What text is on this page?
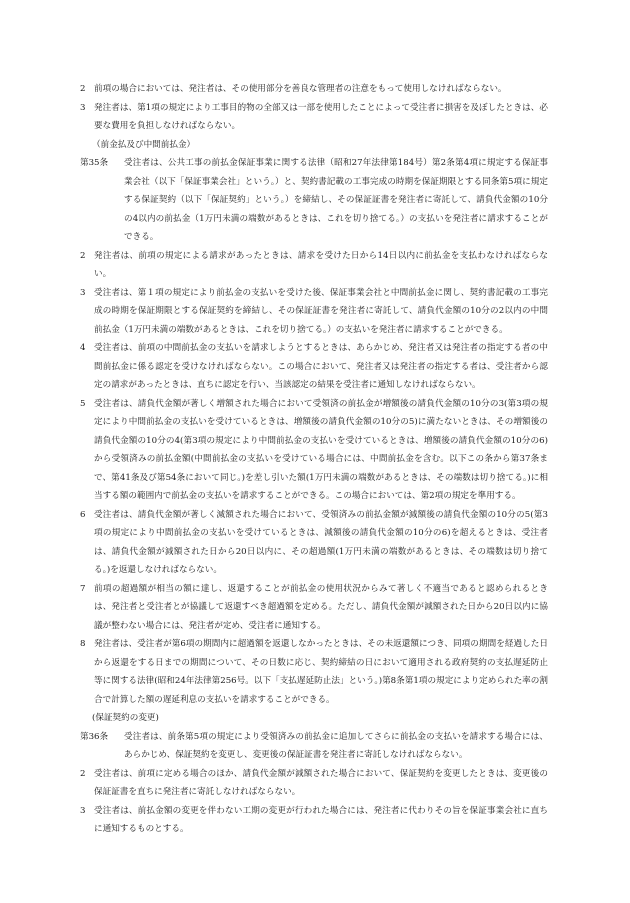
2 前項の場合においては、発注者は、その使用部分を善良な管理者の注意をもって使用しなければならない。
3 発注者は、第1項の規定により工事目的物の全部又は一部を使用したことによって受注者に損害を及ぼしたときは、必要な費用を負担しなければならない。

（前金払及び中間前払金）

第35条	受注者は、公共工事の前払金保証事業に関する法律（昭和27年法律第184号）第2条第4項に規定する保証事業会社（以下「保証事業会社」という。）と、契約書記載の工事完成の時期を保証期限とする同条第5項に規定する保証契約（以下「保証契約」という。）を締結し、その保証証書を発注者に寄託して、請負代金額の10分の4以内の前払金（1万円未満の端数があるときは、これを切り捨てる。）の支払いを発注者に請求することができる。
2 発注者は、前項の規定による請求があったときは、請求を受けた日から14日以内に前払金を支払わなければならない。
3 受注者は、第１項の規定により前払金の支払いを受けた後、保証事業会社と中間前払金に関し、契約書記載の工事完成の時期を保証期限とする保証契約を締結し、その保証証書を発注者に寄託して、請負代金額の10分の2以内の中間前払金（1万円未満の端数があるときは、これを切り捨てる。）の支払いを発注者に請求することができる。
4 受注者は、前項の中間前払金の支払いを請求しようとするときは、あらかじめ、発注者又は発注者の指定する者の中間前払金に係る認定を受けなければならない。この場合において、発注者又は発注者の指定する者は、受注者から認定の請求があったときは、直ちに認定を行い、当該認定の結果を受注者に通知しなければならない。
5 受注者は、請負代金額が著しく増額された場合において受領済の前払金が増額後の請負代金額の10分の3(第3項の規定により中間前払金の支払いを受けているときは、増額後の請負代金額の10分の5)に満たないときは、その増額後の請負代金額の10分の4(第3項の規定により中間前払金の支払いを受けているときは、増額後の請負代金額の10分の6)から受領済みの前払金額(中間前払金の支払いを受けている場合には、中間前払金を含む。以下この条から第37条まで、第41条及び第54条において同じ。)を差し引いた額(1万円未満の端数があるときは、その端数は切り捨てる。)に相当する額の範囲内で前払金の支払いを請求することができる。この場合においては、第2項の規定を準用する。
6 受注者は、請負代金額が著しく減額された場合において、受領済みの前払金額が減額後の請負代金額の10分の5(第3項の規定により中間前払金の支払いを受けているときは、減額後の請負代金額の10分の6)を超えるときは、受注者は、請負代金額が減額された日から20日以内に、その超過額(1万円未満の端数があるときは、その端数は切り捨てる。)を返還しなければならない。
7 前項の超過額が相当の額に達し、返還することが前払金の使用状況からみて著しく不適当であると認められるときは、発注者と受注者とが協議して返還すべき超過額を定める。ただし、請負代金額が減額された日から20日以内に協議が整わない場合には、発注者が定め、受注者に通知する。
8 発注者は、受注者が第6項の期間内に超過額を返還しなかったときは、その未返還額につき、同項の期間を経過した日から返還をする日までの期間について、その日数に応じ、契約締結の日において適用される政府契約の支払遅延防止等に関する法律(昭和24年法律第256号。以下「支払遅延防止法」という。)第8条第1項の規定により定められた率の割合で計算した額の遅延利息の支払いを請求することができる。

(保証契約の変更)

第36条	受注者は、前条第5項の規定により受領済みの前払金に追加してさらに前払金の支払いを請求する場合には、あらかじめ、保証契約を変更し、変更後の保証証書を発注者に寄託しなければならない。
2 受注者は、前項に定める場合のほか、請負代金額が減額された場合において、保証契約を変更したときは、変更後の保証証書を直ちに発注者に寄託しなければならない。
3 受注者は、前払金額の変更を伴わない工期の変更が行われた場合には、発注者に代わりその旨を保証事業会社に直ちに通知するものとする。
